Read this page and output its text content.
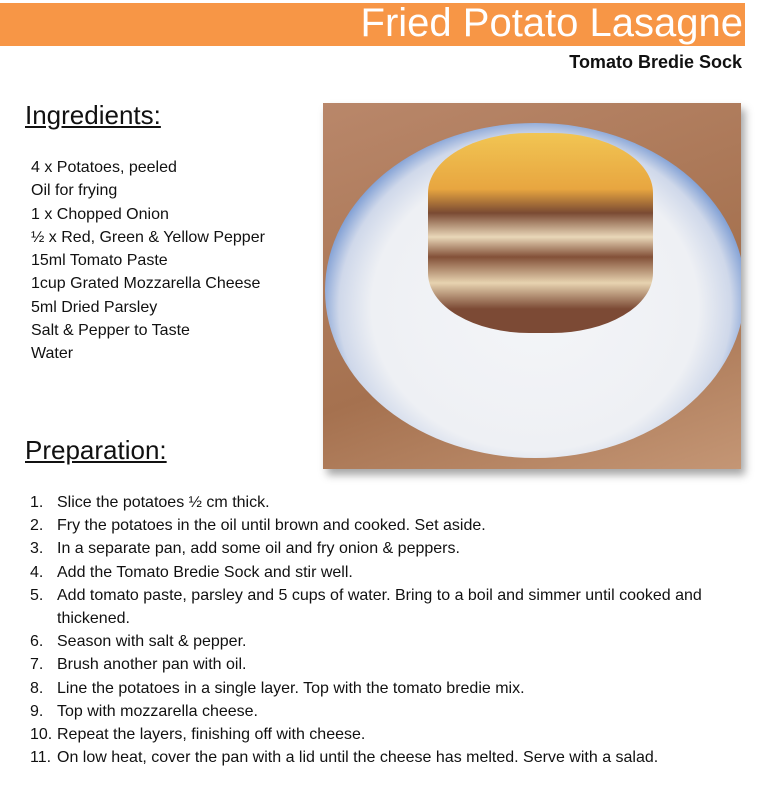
Fried Potato Lasagne
Tomato Bredie Sock
Ingredients:
4 x Potatoes, peeled
Oil for frying
1 x Chopped Onion
½ x Red, Green & Yellow Pepper
15ml Tomato Paste
1cup Grated Mozzarella Cheese
5ml Dried Parsley
Salt & Pepper to Taste
Water
Preparation:
1. Slice the potatoes ½ cm thick.
2. Fry the potatoes in the oil until brown and cooked. Set aside.
3. In a separate pan, add some oil and fry onion & peppers.
4. Add the Tomato Bredie Sock and stir well.
5. Add tomato paste, parsley and 5 cups of water. Bring to a boil and simmer until cooked and thickened.
6. Season with salt & pepper.
7. Brush another pan with oil.
8. Line the potatoes in a single layer. Top with the tomato bredie mix.
9. Top with mozzarella cheese.
10. Repeat the layers, finishing off with cheese.
11. On low heat, cover the pan with a lid until the cheese has melted. Serve with a salad.
